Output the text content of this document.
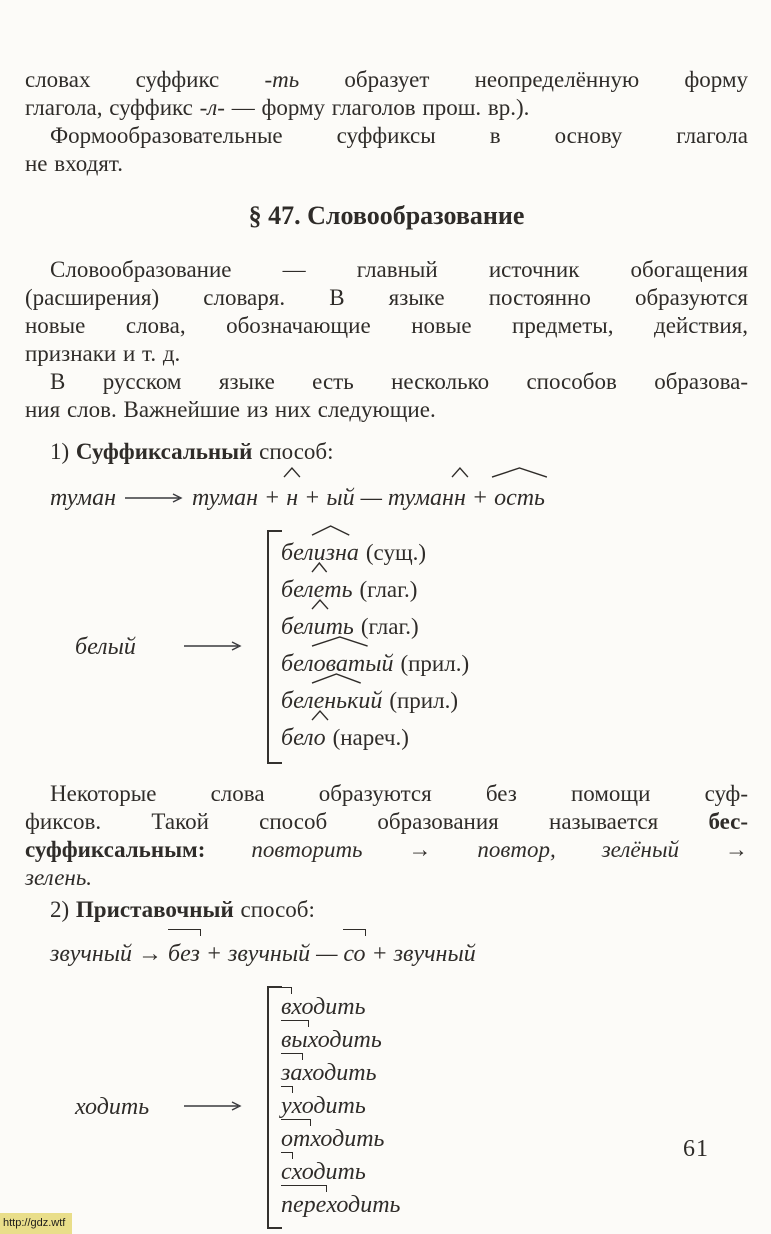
словах суффикс -ть образует неопределённую форму
глагола, суффикс -л- — форму глаголов прош. вр.).
Формообразовательные суффиксы в основу глагола
не входят.
§ 47. Словообразование
Словообразование — главный источник обогащения
(расширения) словаря. В языке постоянно образуются
новые слова, обозначающие новые предметы, действия,
признаки и т. д.
В русском языке есть несколько способов образова-
ния слов. Важнейшие из них следующие.
1) Суффиксальный способ:
туман	туман + н
+ ый — туманн
+ ость
белый
белизн
а (сущ.)
беле
ть (глаг.)
бели
ть (глаг.)
беловат
ый (прил.)
беленьк
ий (прил.)
бело (нареч.)
Некоторые слова образуются без помощи суф-
фиксов. Такой способ образования называется бес-
суффиксальным: повторить → повтор, зелёный →
зелень.
2) Приставочный способ:
звучный → без + звучный — со + звучный
ходить
входить
выходить
заходить
уходить
отходить
сходить
переходить
61
http://gdz.wtf
